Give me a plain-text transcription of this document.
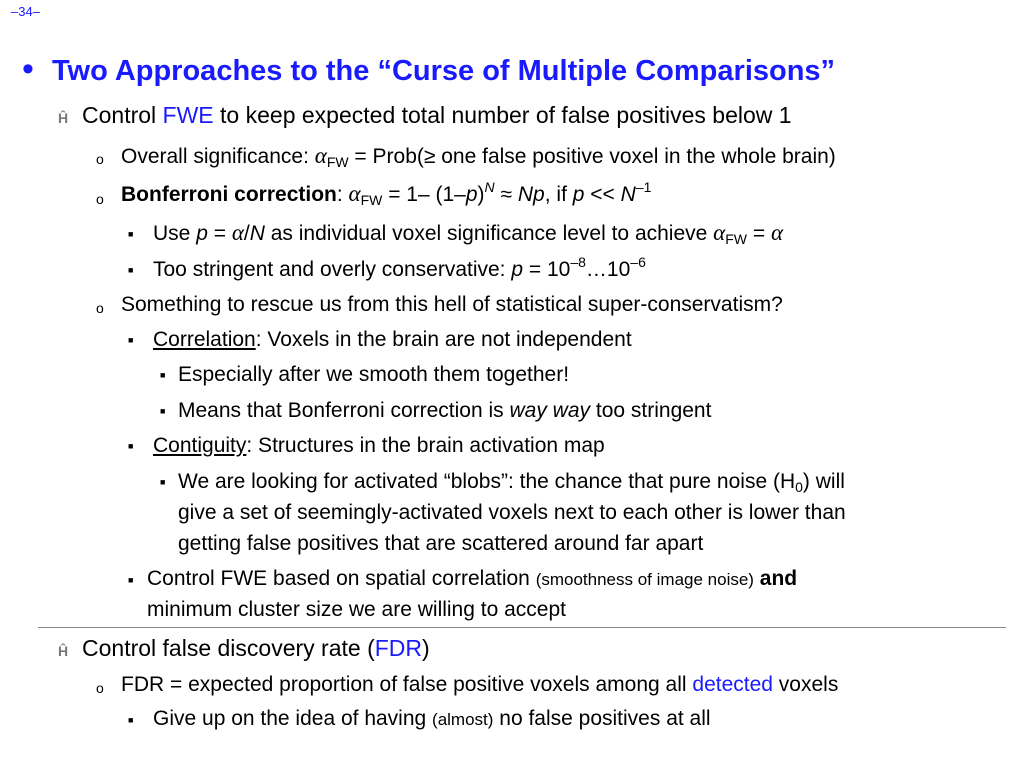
–34–
• Two Approaches to the “Curse of Multiple Comparisons”
Ĥ Control FWE to keep expected total number of false positives below 1
o Overall significance: $\alpha_{FW}$ = Prob(≥ one false positive voxel in the whole brain)
o Bonferroni correction: $\alpha_{FW} = 1-$ $(1-p)^N \approx Np$, if $p << N^{-1}$
■ Use p = α/N as individual voxel significance level to achieve $\alpha_{FW} = \alpha$
■ Too stringent and overly conservative: $p = 10^{-8}\dots 10^{-6}$
o Something to rescue us from this hell of statistical super-conservatism?
■ Correlation: Voxels in the brain are not independent
■ Especially after we smooth them together!
■ Means that Bonferroni correction is way way too stringent
■ Contiguity: Structures in the brain activation map
■ We are looking for activated “blobs”: the chance that pure noise $(H_0)$ will
give a set of seemingly-activated voxels next to each other is lower than
getting false positives that are scattered around far apart
■ Control FWE based on spatial correlation (smoothness of image noise) and
minimum cluster size we are willing to accept
Ĥ Control false discovery rate (FDR)
o FDR = expected proportion of false positive voxels among all detected voxels
■ Give up on the idea of having (almost) no false positives at all
